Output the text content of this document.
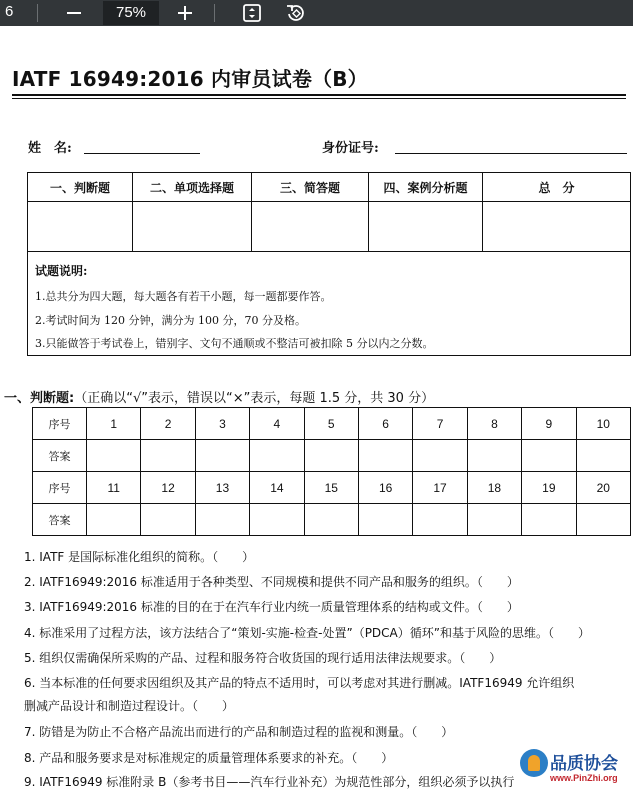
6	75%
IATF 16949:2016 内审员试卷（B）
姓　名:	身份证号:
一、判断题	二、单项选择题	三、简答题	四、案例分析题	总　分

试题说明:
1.总共分为四大题，每大题各有若干小题，每一题都要作答。
2.考试时间为 120 分钟，满分为 100 分，70 分及格。
3.只能做答于考试卷上，错别字、文句不通顺或不整洁可被扣除 5 分以内之分数。
一、判断题:（正确以“√”表示，错误以“×”表示，每题 1.5 分，共 30 分）
序号	1	2	3	4	5	6	7	8	9	10
答案										
序号	11	12	13	14	15	16	17	18	19	20
答案										
1. IATF 是国际标准化组织的简称。（　　）
2. IATF16949:2016 标准适用于各种类型、不同规模和提供不同产品和服务的组织。（　　）
3. IATF16949:2016 标准的目的在于在汽车行业内统一质量管理体系的结构或文件。（　　）
4. 标准采用了过程方法，该方法结合了“策划-实施-检查-处置”（PDCA）循环”和基于风险的思维。（　　）
5. 组织仅需确保所采购的产品、过程和服务符合收货国的现行适用法律法规要求。（　　）
6. 当本标准的任何要求因组织及其产品的特点不适用时，可以考虑对其进行删减。IATF16949 允许组织
删减产品设计和制造过程设计。（　　）
7. 防错是为防止不合格产品流出而进行的产品和制造过程的监视和测量。（　　）
8. 产品和服务要求是对标准规定的质量管理体系要求的补充。（　　）
9. IATF16949 标准附录 B（参考书目——汽车行业补充）为规范性部分，组织必须予以执行
品质协会
www.PinZhi.org
